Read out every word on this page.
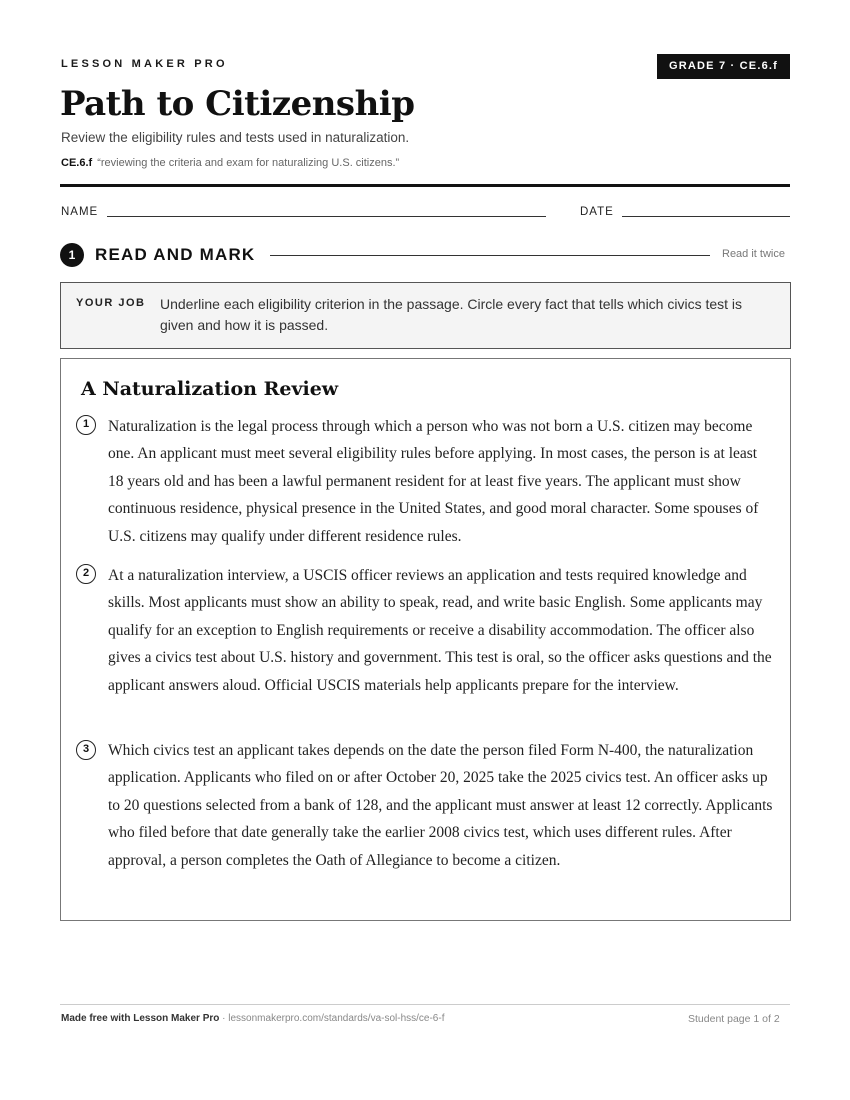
LESSON MAKER PRO	GRADE 7 · CE.6.f
Path to Citizenship
Review the eligibility rules and tests used in naturalization.
CE.6.f “reviewing the criteria and exam for naturalizing U.S. citizens.”
NAME	DATE
1	READ AND MARK	Read it twice
YOUR JOB Underline each eligibility criterion in the passage. Circle every fact that tells which civics test is given and how it is passed.
A Naturalization Review
1	Naturalization is the legal process through which a person who was not born a U.S. citizen may become one. An applicant must meet several eligibility rules before applying. In most cases, the person is at least 18 years old and has been a lawful permanent resident for at least five years. The applicant must show continuous residence, physical presence in the United States, and good moral character. Some spouses of U.S. citizens may qualify under different residence rules.

2	At a naturalization interview, a USCIS officer reviews an application and tests required knowledge and skills. Most applicants must show an ability to speak, read, and write basic English. Some applicants may qualify for an exception to English requirements or receive a disability accommodation. The officer also gives a civics test about U.S. history and government. This test is oral, so the officer asks questions and the applicant answers aloud. Official USCIS materials help applicants prepare for the interview.

3	Which civics test an applicant takes depends on the date the person filed Form N-400, the naturalization application. Applicants who filed on or after October 20, 2025 take the 2025 civics test. An officer asks up to 20 questions selected from a bank of 128, and the applicant must answer at least 12 correctly. Applicants who filed before that date generally take the earlier 2008 civics test, which uses different rules. After approval, a person completes the Oath of Allegiance to become a citizen.

Made free with Lesson Maker Pro · lessonmakerpro.com/standards/va-sol-hss/ce-6-f	Student page 1 of 2
